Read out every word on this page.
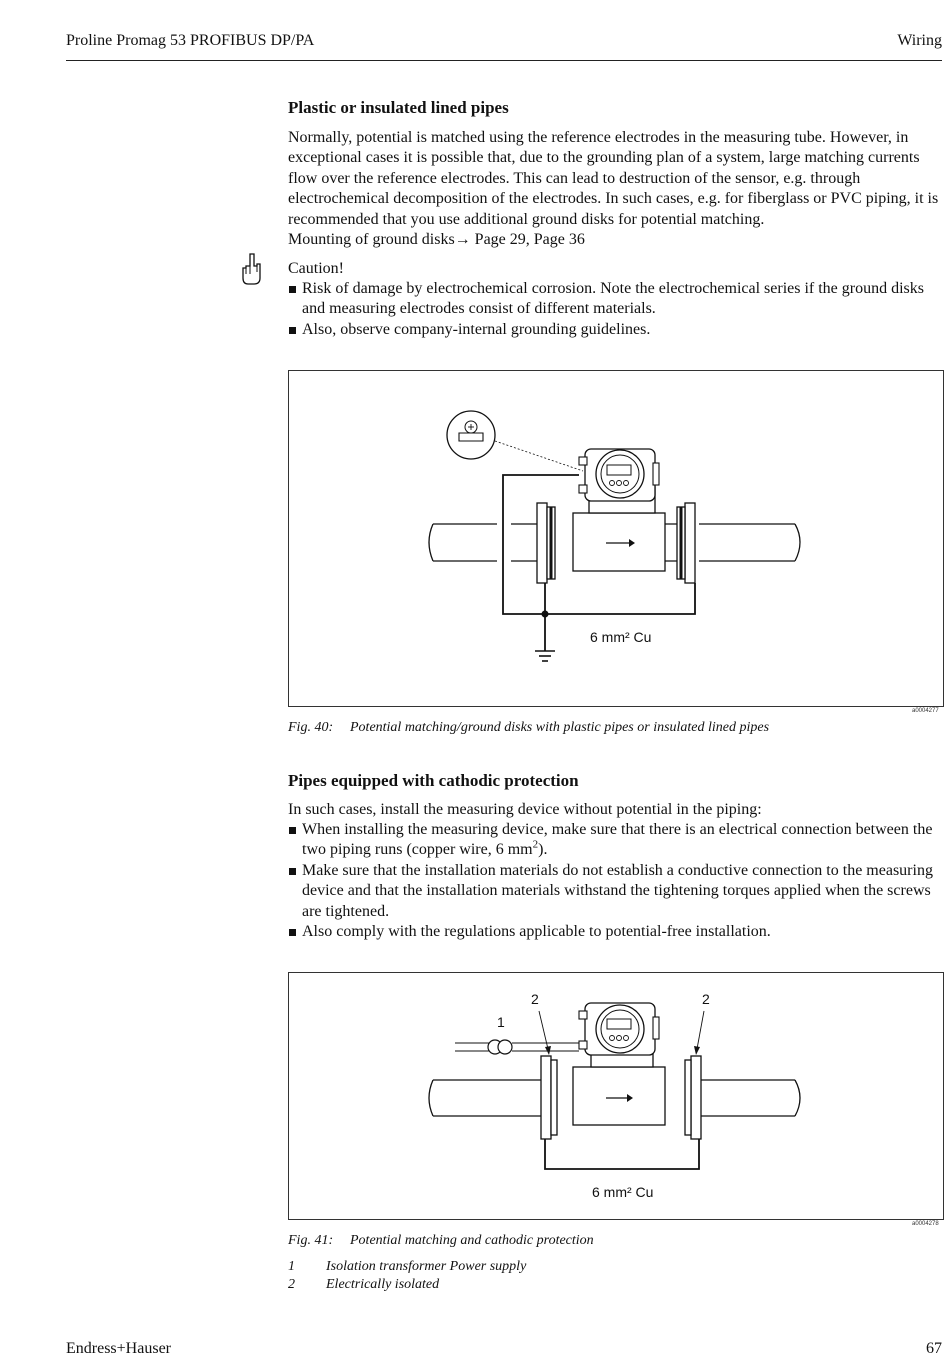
Proline Promag 53 PROFIBUS DP/PA	Wiring
Plastic or insulated lined pipes

Normally, potential is matched using the reference electrodes in the measuring tube. However, in exceptional cases it is possible that, due to the grounding plan of a system, large matching currents flow over the reference electrodes. This can lead to destruction of the sensor, e.g. through electrochemical decomposition of the electrodes. In such cases, e.g. for fiberglass or PVC piping, it is recommended that you use additional ground disks for potential matching.
Mounting of ground disks→ Page 29, Page 36

Caution!

Risk of damage by electrochemical corrosion. Note the electrochemical series if the ground disks and measuring electrodes consist of different materials.
Also, observe company-internal grounding guidelines.
6 mm² Cu
a0004277
Fig. 40: Potential matching/ground disks with plastic pipes or insulated lined pipes
Pipes equipped with cathodic protection

In such cases, install the measuring device without potential in the piping:

When installing the measuring device, make sure that there is an electrical connection between the two piping runs (copper wire, 6 $mm^2$).
Make sure that the installation materials do not establish a conductive connection to the measuring device and that the installation materials withstand the tightening torques applied when the screws are tightened.
Also comply with the regulations applicable to potential-free installation.
1
2	2
6 mm² Cu
a0004278
Fig. 41: Potential matching and cathodic protection
1 Isolation transformer Power supply
2 Electrically isolated
Endress+Hauser	67
